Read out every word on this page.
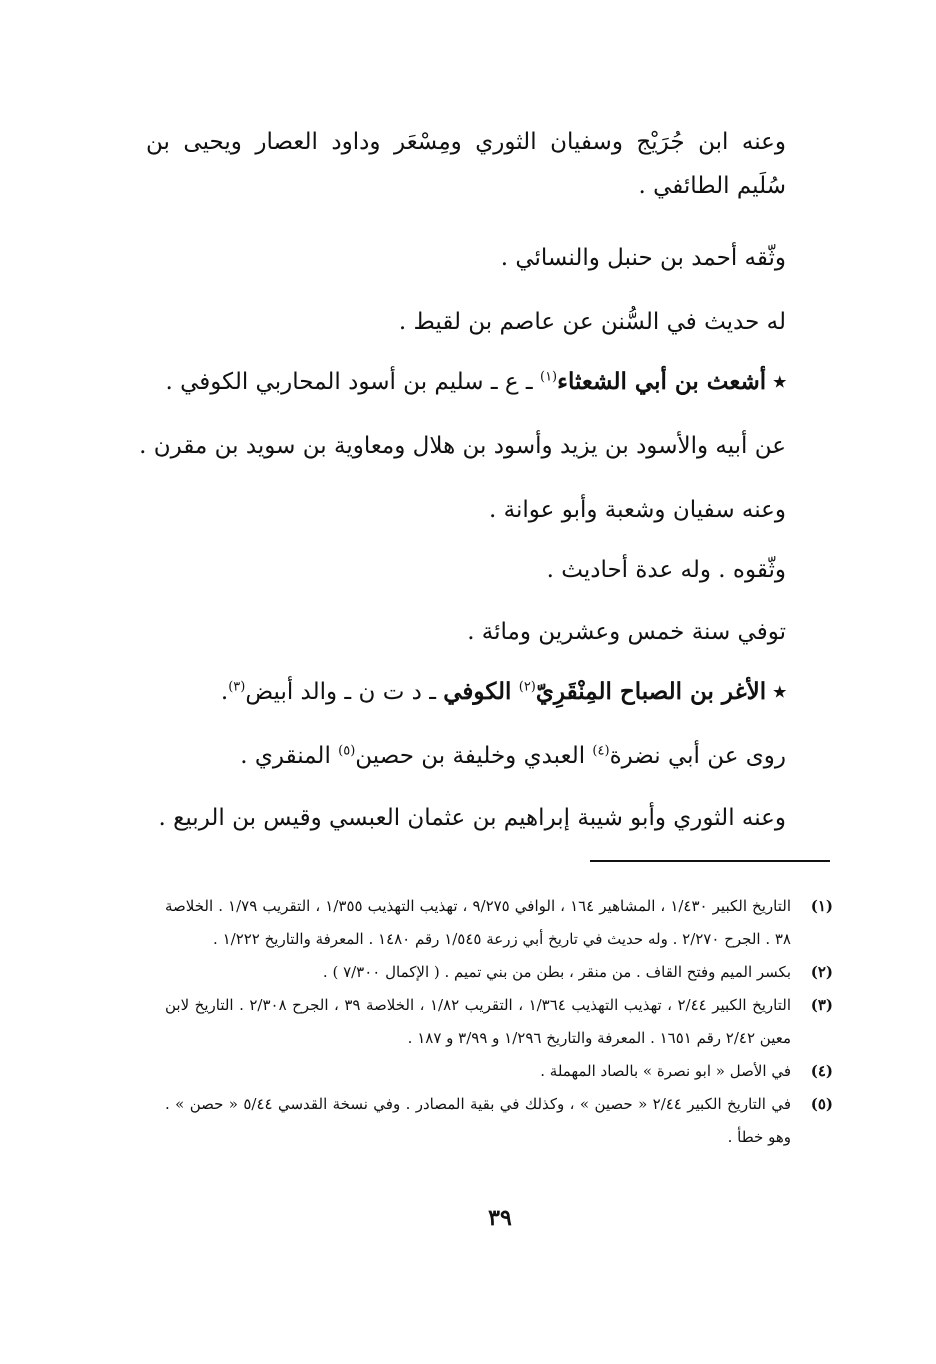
وعنه ابن جُرَيْج وسفيان الثوري ومِسْعَر وداود العصار ويحيى بن سُلَيم الطائفي .
وثّقه أحمد بن حنبل والنسائي .
له حديث في السُّنن عن عاصم بن لقيط .
٭ أشعث بن أبي الشعثاء$^{(١)}$ ـ ع ـ سليم بن أسود المحاربي الكوفي .
عن أبيه والأسود بن يزيد وأسود بن هلال ومعاوية بن سويد بن مقرن .
وعنه سفيان وشعبة وأبو عوانة .
وثّقوه . وله عدة أحاديث .
توفي سنة خمس وعشرين ومائة .
٭ الأغر بن الصباح المِنْقَرِيّ$^{(٢)}$ الكوفي ـ د ت ن ـ والد أبيض$^{(٣)}$.
روى عن أبي نضرة$^{(٤)}$ العبدي وخليفة بن حصين$^{(٥)}$ المنقري .
وعنه الثوري وأبو شيبة إبراهيم بن عثمان العبسي وقيس بن الربيع .
(١)
التاريخ الكبير ١/٤٣٠ ، المشاهير ١٦٤ ، الوافي ٩/٢٧٥ ، تهذيب التهذيب ١/٣٥٥ ، التقريب ١/٧٩ . الخلاصة ٣٨ . الجرح ٢/٢٧٠ . وله حديث في تاريخ أبي زرعة ١/٥٤٥ رقم ١٤٨٠ . المعرفة والتاريخ ١/٢٢٢ .
(٢)
بكسر الميم وفتح القاف . من منقر ، بطن من بني تميم . ( الإكمال ٧/٣٠٠ ) .
(٣)
التاريخ الكبير ٢/٤٤ ، تهذيب التهذيب ١/٣٦٤ ، التقريب ١/٨٢ ، الخلاصة ٣٩ ، الجرح ٢/٣٠٨ . التاريخ لابن معين ٢/٤٢ رقم ١٦٥١ . المعرفة والتاريخ ١/٢٩٦ و ٣/٩٩ و ١٨٧ .
(٤)
في الأصل « ابو نصرة » بالصاد المهملة .
(٥)
في التاريخ الكبير ٢/٤٤ « حصين » ، وكذلك في بقية المصادر . وفي نسخة القدسي ٥/٤٤ « حصن » . وهو خطأ .
٣٩
